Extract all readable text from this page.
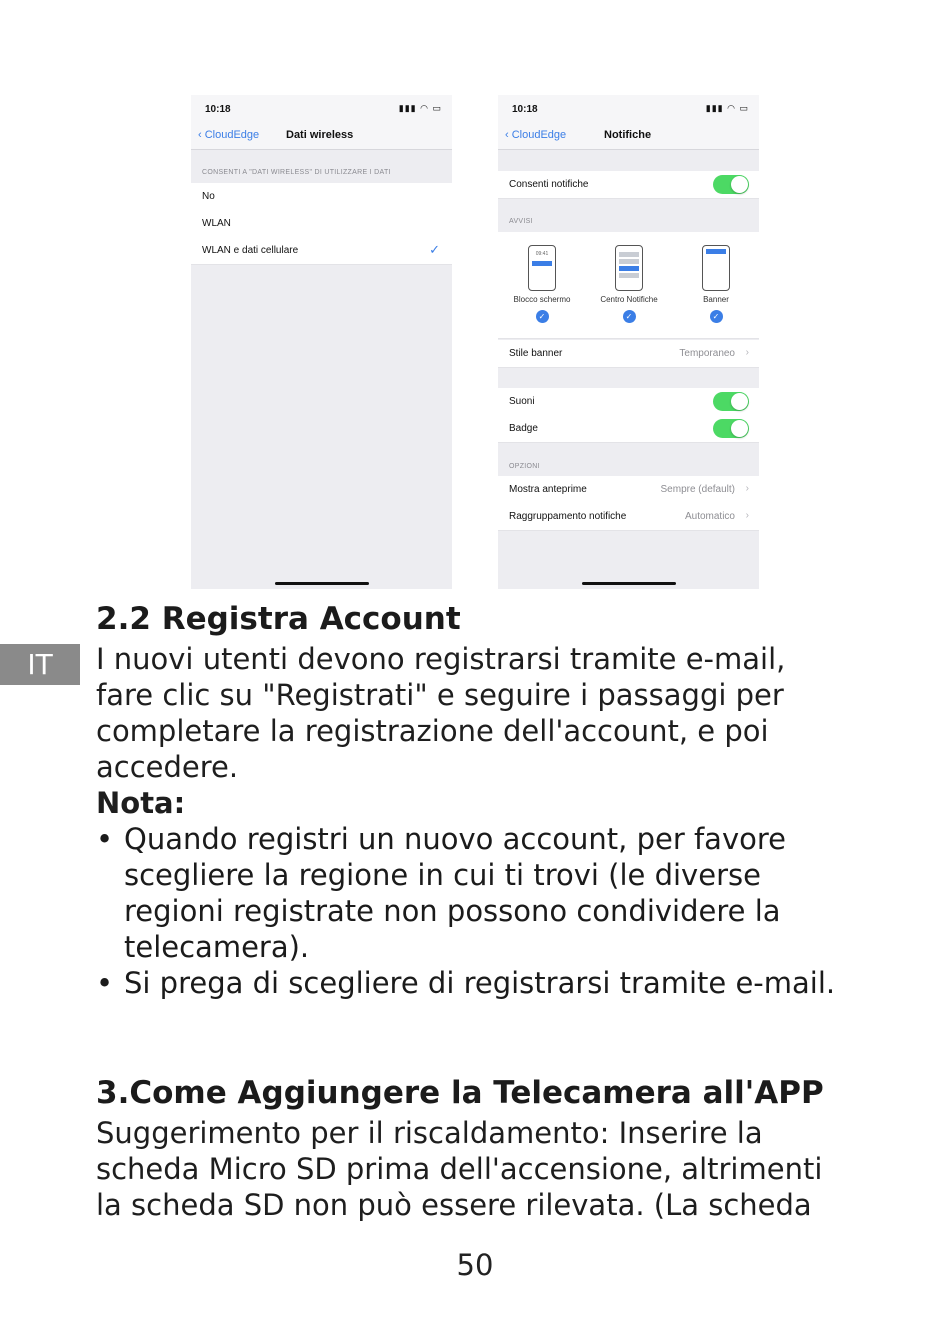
10:18	▮▮▮ ◠ ▭
‹ CloudEdge Dati wireless
CONSENTI A "DATI WIRELESS" DI UTILIZZARE I DATI
No
WLAN
WLAN e dati cellulare	✓
10:18	▮▮▮ ◠ ▭
‹ CloudEdge	Notifiche
Consenti notifiche
AVVISI
09:41
Blocco schermo
✓
Centro Notifiche
✓
Banner
✓
Stile banner	Temporaneo ›
Suoni
Badge
OPZIONI
Mostra anteprime	Sempre (default) ›
Raggruppamento notifiche	Automatico ›
IT
2.2 Registra Account
I nuovi utenti devono registrarsi tramite e-mail,
fare clic su "Registrati" e seguire i passaggi per
completare la registrazione dell'account, e poi
accedere.
Nota:
• Quando registri un nuovo account, per favore
scegliere la regione in cui ti trovi (le diverse
regioni registrate non possono condividere la
telecamera).
• Si prega di scegliere di registrarsi tramite e-mail.
3.Come Aggiungere la Telecamera all'APP
Suggerimento per il riscaldamento: Inserire la
scheda Micro SD prima dell'accensione, altrimenti
la scheda SD non può essere rilevata. (La scheda
50
